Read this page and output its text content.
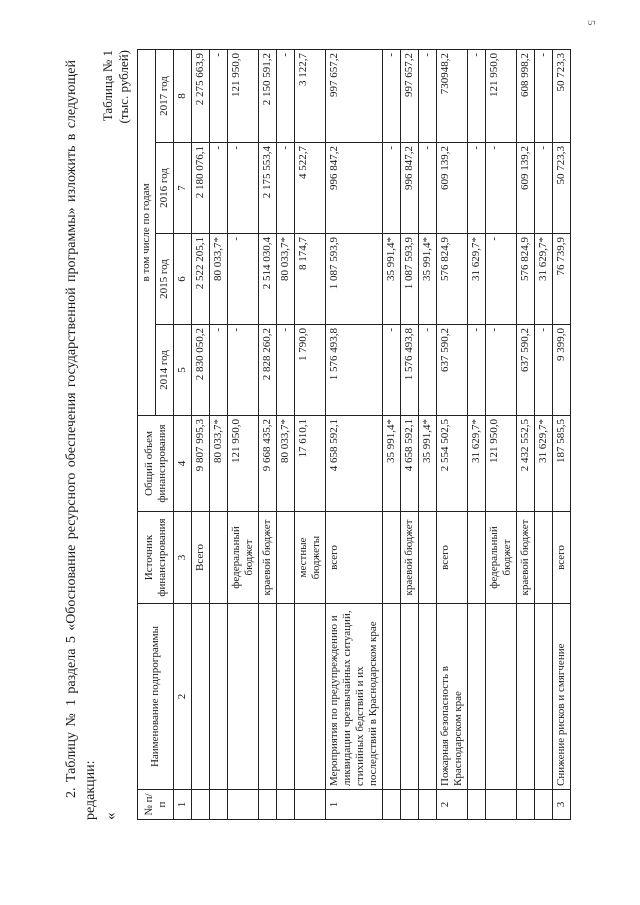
5
2. Таблицу № 1 раздела 5 «Обоснование ресурсного обеспечения государственной программы» изложить в следующей редакции: «
Таблица № 1 (тыс. рублей)
№ п/п	Наименование подпрограммы	Источник финансирования	Общий объем финансирования	в том числе по годам			
				2014 год	2015 год	2016 год	2017 год
1	2	3	4	5	6	7	8
		Всего	9 807 995,3	2 830 050,2	2 522 205,1	2 180 076,1	2 275 663,9
			80 033,7*	-	80 033,7*	-	-
		федеральный бюджет	121 950,0	-	-	-	121 950,0
		краевой бюджет	9 668 435,2	2 828 260,2	2 514 030,4	2 175 553,4	2 150 591,2
			80 033,7*	-	80 033,7*	-	-
		местные бюджеты	17 610,1	1 790,0	8 174,7	4 522,7	3 122,7
1	Мероприятия по предупреждению и ликвидации чрезвычайных ситуаций, стихийных бедствий и их последствий в Краснодарском крае	всего	4 658 592,1	1 576 493,8	1 087 593,9	996 847,2	997 657,2
			35 991,4*	-	35 991,4*	-	-
		краевой бюджет	4 658 592,1	1 576 493,8	1 087 593,9	996 847,2	997 657,2
			35 991,4*	-	35 991,4*	-	-
2	Пожарная безопасность в Краснодарском крае	всего	2 554 502,5	637 590,2	576 824,9	609 139,2	730948,2
			31 629,7*	-	31 629,7*	-	-
		федеральный бюджет	121 950,0	-	-	-	121 950,0
		краевой бюджет	2 432 552,5	637 590,2	576 824,9	609 139,2	608 998,2
			31 629,7*	-	31 629,7*	-	-
3	Снижение рисков и смягчение	всего	187 585,5	9 399,0	76 739,9	50 723,3	50 723,3
